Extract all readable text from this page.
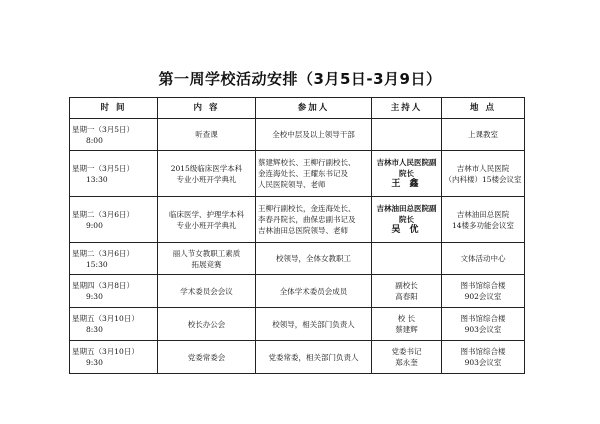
第一周学校活动安排（3月5日-3月9日）
时 间	内 容	参加人	主持人	地 点

星期一（3月5日）
8:00	听查课	全校中层及以上领导干部		上课教室

星期一（3月5日）
13:30	2015级临床医学本科
专业小班开学典礼	蔡建辉校长、王柳行副校长、
金连海处长、王耀东书记及
人民医院领导、老师	吉林市人民医院副院长
王 鑫	吉林市人民医院
（内科楼）15楼会议室

星期二（3月6日）
9:00	临床医学、护理学本科
专业小班开学典礼	王柳行副校长，金连海处长、
李春丹院长，曲保忠副书记及
吉林油田总医院领导、老师	吉林油田总医院副院长
吴 优	吉林油田总医院
14楼多功能会议室

星期二（3月6日）
15:30	丽人节女教职工素质
拓展竞赛	校领导，全体女教职工		文体活动中心

星期四（3月8日）
9:30	学术委员会会议	全体学术委员会成员	副校长
高春阳	图书馆综合楼
902会议室

星期五（3月10日）
8:30	校长办公会	校领导，相关部门负责人	校 长
蔡建辉	图书馆综合楼
903会议室

星期五（3月10日）
9:30	党委常委会	党委常委，相关部门负责人	党委书记
郑永奎	图书馆综合楼
903会议室
